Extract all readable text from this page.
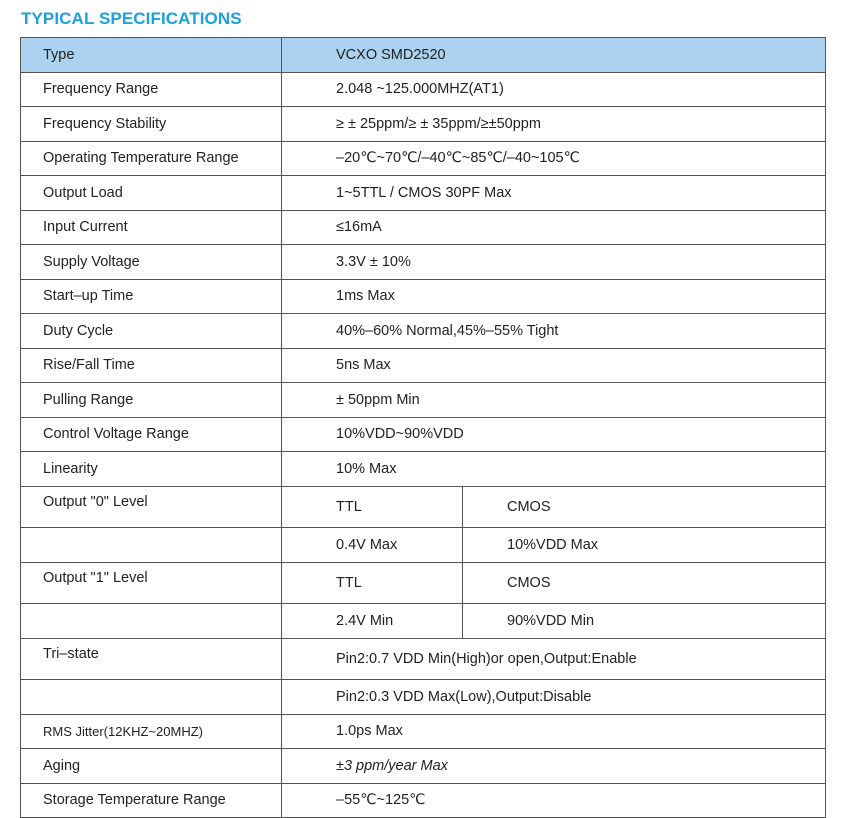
TYPICAL SPECIFICATIONS
Type	VCXO SMD2520	
Frequency Range	2.048 ~125.000MHZ(AT1)	
Frequency Stability	≥ ± 25ppm/≥ ± 35ppm/≥±50ppm	
Operating Temperature Range	–20℃~70℃/–40℃~85℃/–40~105℃	
Output Load	1~5TTL / CMOS 30PF Max	
Input Current	≤16mA	
Supply Voltage	3.3V ± 10%	
Start–up Time	1ms Max	
Duty Cycle	40%–60% Normal,45%–55% Tight	
Rise/Fall Time	5ns Max	
Pulling Range	± 50ppm Min	
Control Voltage Range	10%VDD~90%VDD	
Linearity	10% Max	
Output "0" Level	TTL	CMOS
	0.4V Max	10%VDD Max
Output "1" Level	TTL	CMOS
	2.4V Min	90%VDD Min
Tri–state	Pin2:0.7 VDD Min(High)or open,Output:Enable	
	Pin2:0.3 VDD Max(Low),Output:Disable	
RMS Jitter(12KHZ~20MHZ)	1.0ps Max	
Aging	±3 ppm/year Max	
Storage Temperature Range	–55℃~125℃	
